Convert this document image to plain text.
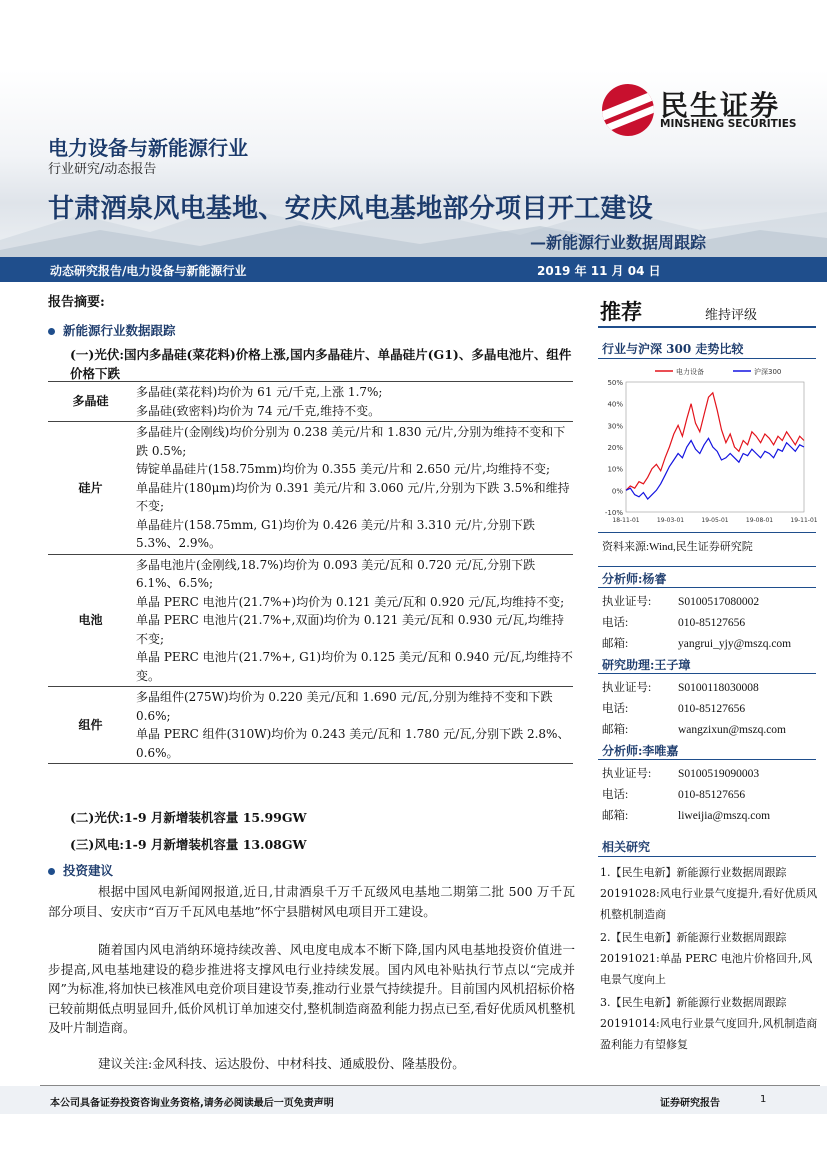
民生证券
MINSHENG SECURITIES
电力设备与新能源行业
行业研究/动态报告
甘肃酒泉风电基地、安庆风电基地部分项目开工建设
—新能源行业数据周跟踪
动态研究报告/电力设备与新能源行业	2019 年 11 月 04 日
报告摘要:
新能源行业数据跟踪
(一)光伏:国内多晶硅(菜花料)价格上涨,国内多晶硅片、单晶硅片(G1)、多晶电池片、组件价格下跌
多晶硅	多晶硅(菜花料)均价为 61 元/千克,上涨 1.7%;
多晶硅(致密料)均价为 74 元/千克,维持不变。

硅片	多晶硅片(金刚线)均价分别为 0.238 美元/片和 1.830 元/片,分别为维持不变和下跌 0.5%;
铸锭单晶硅片(158.75mm)均价为 0.355 美元/片和 2.650 元/片,均维持不变;
单晶硅片(180μm)均价为 0.391 美元/片和 3.060 元/片,分别为下跌 3.5%和维持不变;
单晶硅片(158.75mm, G1)均价为 0.426 美元/片和 3.310 元/片,分别下跌 5.3%、2.9%。

电池	多晶电池片(金刚线,18.7%)均价为 0.093 美元/瓦和 0.720 元/瓦,分别下跌 6.1%、6.5%;
单晶 PERC 电池片(21.7%+)均价为 0.121 美元/瓦和 0.920 元/瓦,均维持不变;
单晶 PERC 电池片(21.7%+,双面)均价为 0.121 美元/瓦和 0.930 元/瓦,均维持不变;
单晶 PERC 电池片(21.7%+, G1)均价为 0.125 美元/瓦和 0.940 元/瓦,均维持不变。

组件	多晶组件(275W)均价为 0.220 美元/瓦和 1.690 元/瓦,分别为维持不变和下跌 0.6%;
单晶 PERC 组件(310W)均价为 0.243 美元/瓦和 1.780 元/瓦,分别下跌 2.8%、0.6%。
(二)光伏:1-9 月新增装机容量 15.99GW
(三)风电:1-9 月新增装机容量 13.08GW
投资建议
根据中国风电新闻网报道,近日,甘肃酒泉千万千瓦级风电基地二期第二批 500 万千瓦部分项目、安庆市“百万千瓦风电基地”怀宁县腊树风电项目开工建设。
随着国内风电消纳环境持续改善、风电度电成本不断下降,国内风电基地投资价值进一步提高,风电基地建设的稳步推进将支撑风电行业持续发展。国内风电补贴执行节点以“完成并网”为标准,将加快已核准风电竞价项目建设节奏,推动行业景气持续提升。目前国内风机招标价格已较前期低点明显回升,低价风机订单加速交付,整机制造商盈利能力拐点已至,看好优质风机整机及叶片制造商。
建议关注:金风科技、运达股份、中材科技、通威股份、隆基股份。
推荐	维持评级
行业与沪深 300 走势比较
50%
40%
30%
20%
10%
0%
-10%
18-11-01	19-03-01	19-05-01	19-08-01	19-11-01
电力设备	沪深300
资料来源:Wind,民生证券研究院
分析师:杨睿
执业证号: S0100517080002
电话:	010-85127656
邮箱:	yangrui_yjy@mszq.com
研究助理:王子璋
执业证号: S0100118030008
电话:	010-85127656
邮箱:	wangzixun@mszq.com
分析师:李唯嘉
执业证号: S0100519090003
电话:	010-85127656
邮箱:	liweijia@mszq.com
相关研究
1.【民生电新】新能源行业数据周跟踪 20191028:风电行业景气度提升,看好优质风机整机制造商
2.【民生电新】新能源行业数据周跟踪 20191021:单晶 PERC 电池片价格回升,风电景气度向上
3.【民生电新】新能源行业数据周跟踪 20191014:风电行业景气度回升,风机制造商盈利能力有望修复
本公司具备证券投资咨询业务资格,请务必阅读最后一页免责声明	证券研究报告	1
